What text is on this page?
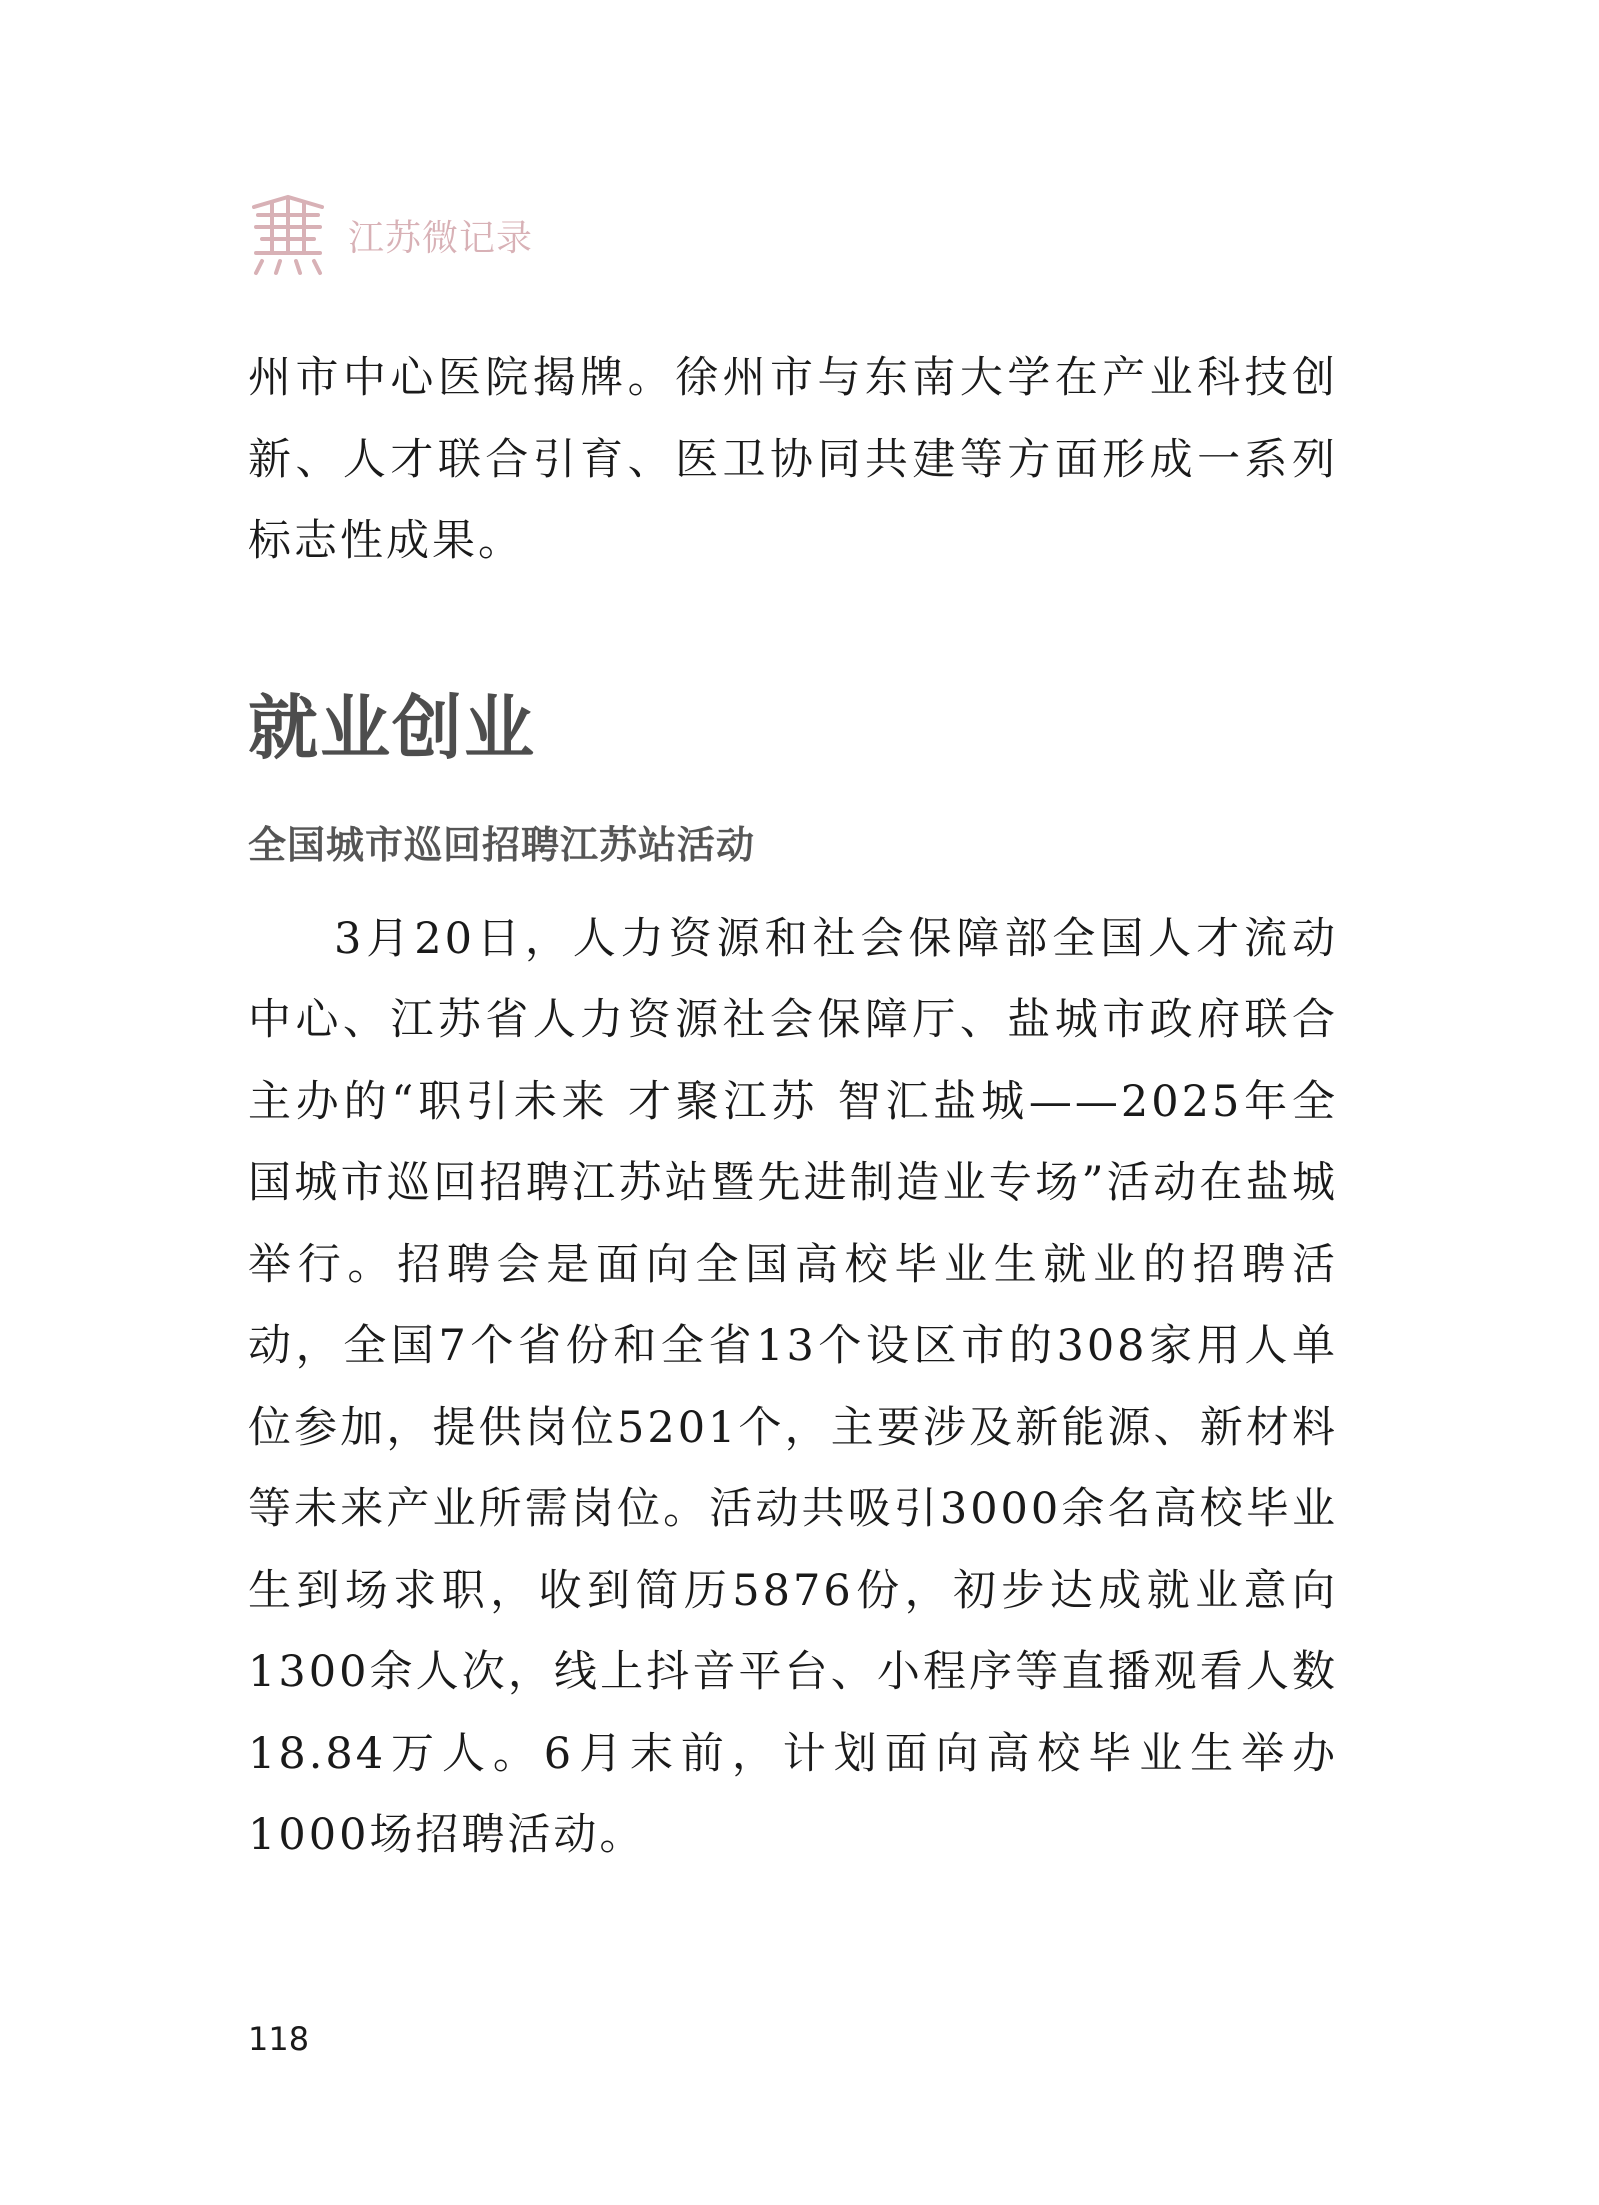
江苏微记录

州市中心医院揭牌。徐州市与东南大学在产业科技创新、人才联合引育、医卫协同共建等方面形成一系列标志性成果。

就业创业
全国城市巡回招聘江苏站活动

3月20日，人力资源和社会保障部全国人才流动中心、江苏省人力资源社会保障厅、盐城市政府联合主办的“职引未来 才聚江苏 智汇盐城——2025年全国城市巡回招聘江苏站暨先进制造业专场”活动在盐城举行。招聘会是面向全国高校毕业生就业的招聘活动，全国7个省份和全省13个设区市的308家用人单位参加，提供岗位5201个，主要涉及新能源、新材料等未来产业所需岗位。活动共吸引3000余名高校毕业生到场求职，收到简历5876份，初步达成就业意向1300余人次，线上抖音平台、小程序等直播观看人数18.84万人。6月末前，计划面向高校毕业生举办1000场招聘活动。

118
